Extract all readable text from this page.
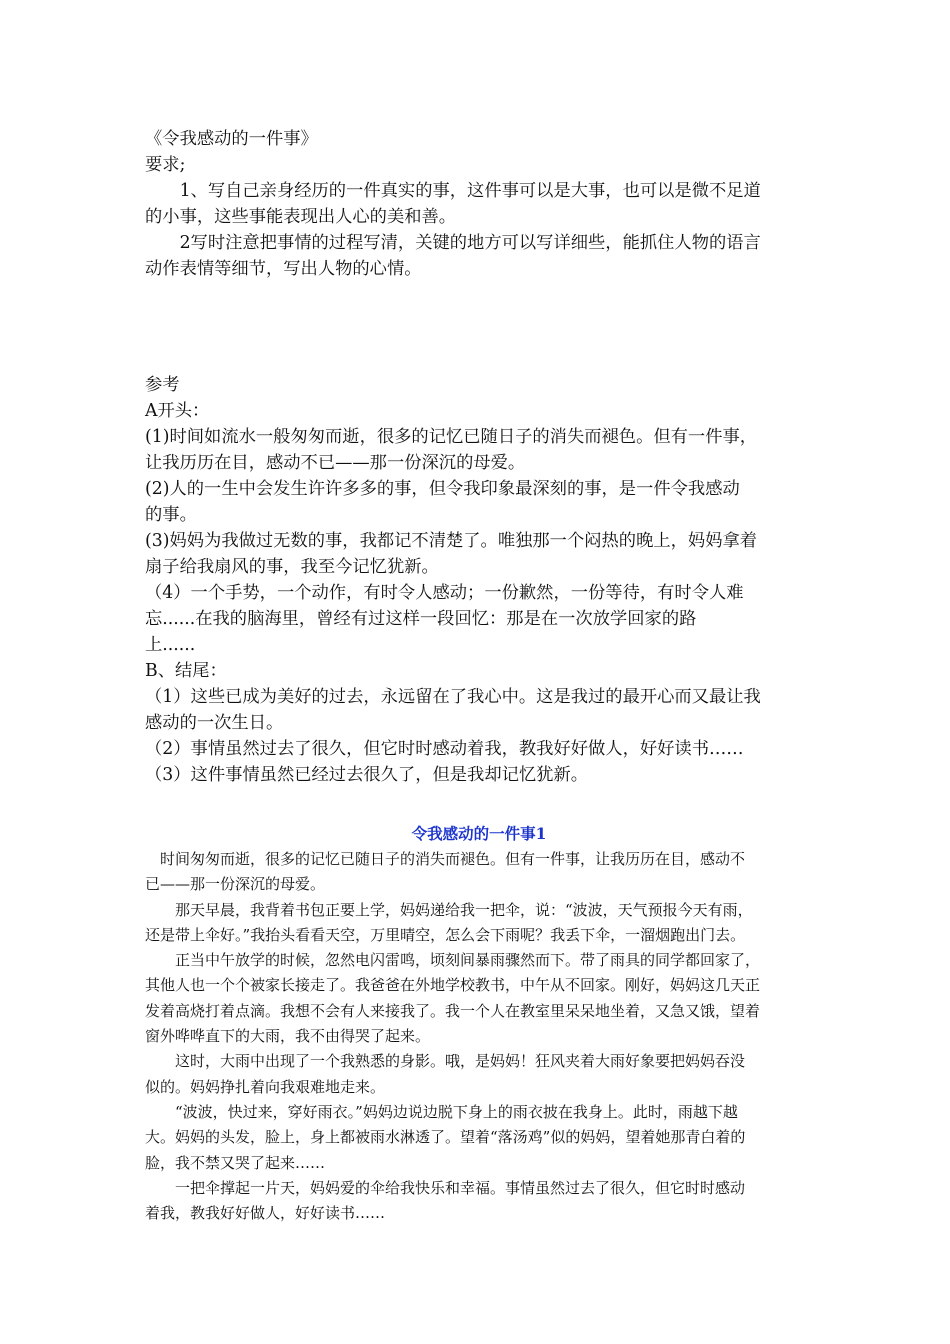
《令我感动的一件事》

要求;

　　1、写自己亲身经历的一件真实的事，这件事可以是大事，也可以是微不足道

的小事，这些事能表现出人心的美和善。

　　2写时注意把事情的过程写清，关键的地方可以写详细些，能抓住人物的语言

动作表情等细节，写出人物的心情。

参考

A开头：

(1)时间如流水一般匆匆而逝，很多的记忆已随日子的消失而褪色。但有一件事，

让我历历在目，感动不已——那一份深沉的母爱。

(2)人的一生中会发生许许多多的事，但令我印象最深刻的事，是一件令我感动

的事。

(3)妈妈为我做过无数的事，我都记不清楚了。唯独那一个闷热的晚上，妈妈拿着

扇子给我扇风的事，我至今记忆犹新。

（4）一个手势，一个动作，有时令人感动；一份歉然，一份等待，有时令人难

忘......在我的脑海里，曾经有过这样一段回忆：那是在一次放学回家的路

上......

B、结尾：

（1）这些已成为美好的过去，永远留在了我心中。这是我过的最开心而又最让我

感动的一次生日。

（2）事情虽然过去了很久，但它时时感动着我，教我好好做人，好好读书……

（3）这件事情虽然已经过去很久了，但是我却记忆犹新。

令我感动的一件事1

　时间匆匆而逝，很多的记忆已随日子的消失而褪色。但有一件事，让我历历在目，感动不

已——那一份深沉的母爱。

　　那天早晨，我背着书包正要上学，妈妈递给我一把伞，说：“波波，天气预报今天有雨，

还是带上伞好。”我抬头看看天空，万里晴空，怎么会下雨呢？我丢下伞，一溜烟跑出门去。

　　正当中午放学的时候，忽然电闪雷鸣，顷刻间暴雨骤然而下。带了雨具的同学都回家了，

其他人也一个个被家长接走了。我爸爸在外地学校教书，中午从不回家。刚好，妈妈这几天正

发着高烧打着点滴。我想不会有人来接我了。我一个人在教室里呆呆地坐着，又急又饿，望着

窗外哗哗直下的大雨，我不由得哭了起来。

　　这时，大雨中出现了一个我熟悉的身影。哦，是妈妈！狂风夹着大雨好象要把妈妈吞没

似的。妈妈挣扎着向我艰难地走来。

　　“波波，快过来，穿好雨衣。”妈妈边说边脱下身上的雨衣披在我身上。此时，雨越下越

大。妈妈的头发，脸上，身上都被雨水淋透了。望着“落汤鸡”似的妈妈，望着她那青白着的

脸，我不禁又哭了起来……

　　一把伞撑起一片天，妈妈爱的伞给我快乐和幸福。事情虽然过去了很久，但它时时感动

着我，教我好好做人，好好读书……
